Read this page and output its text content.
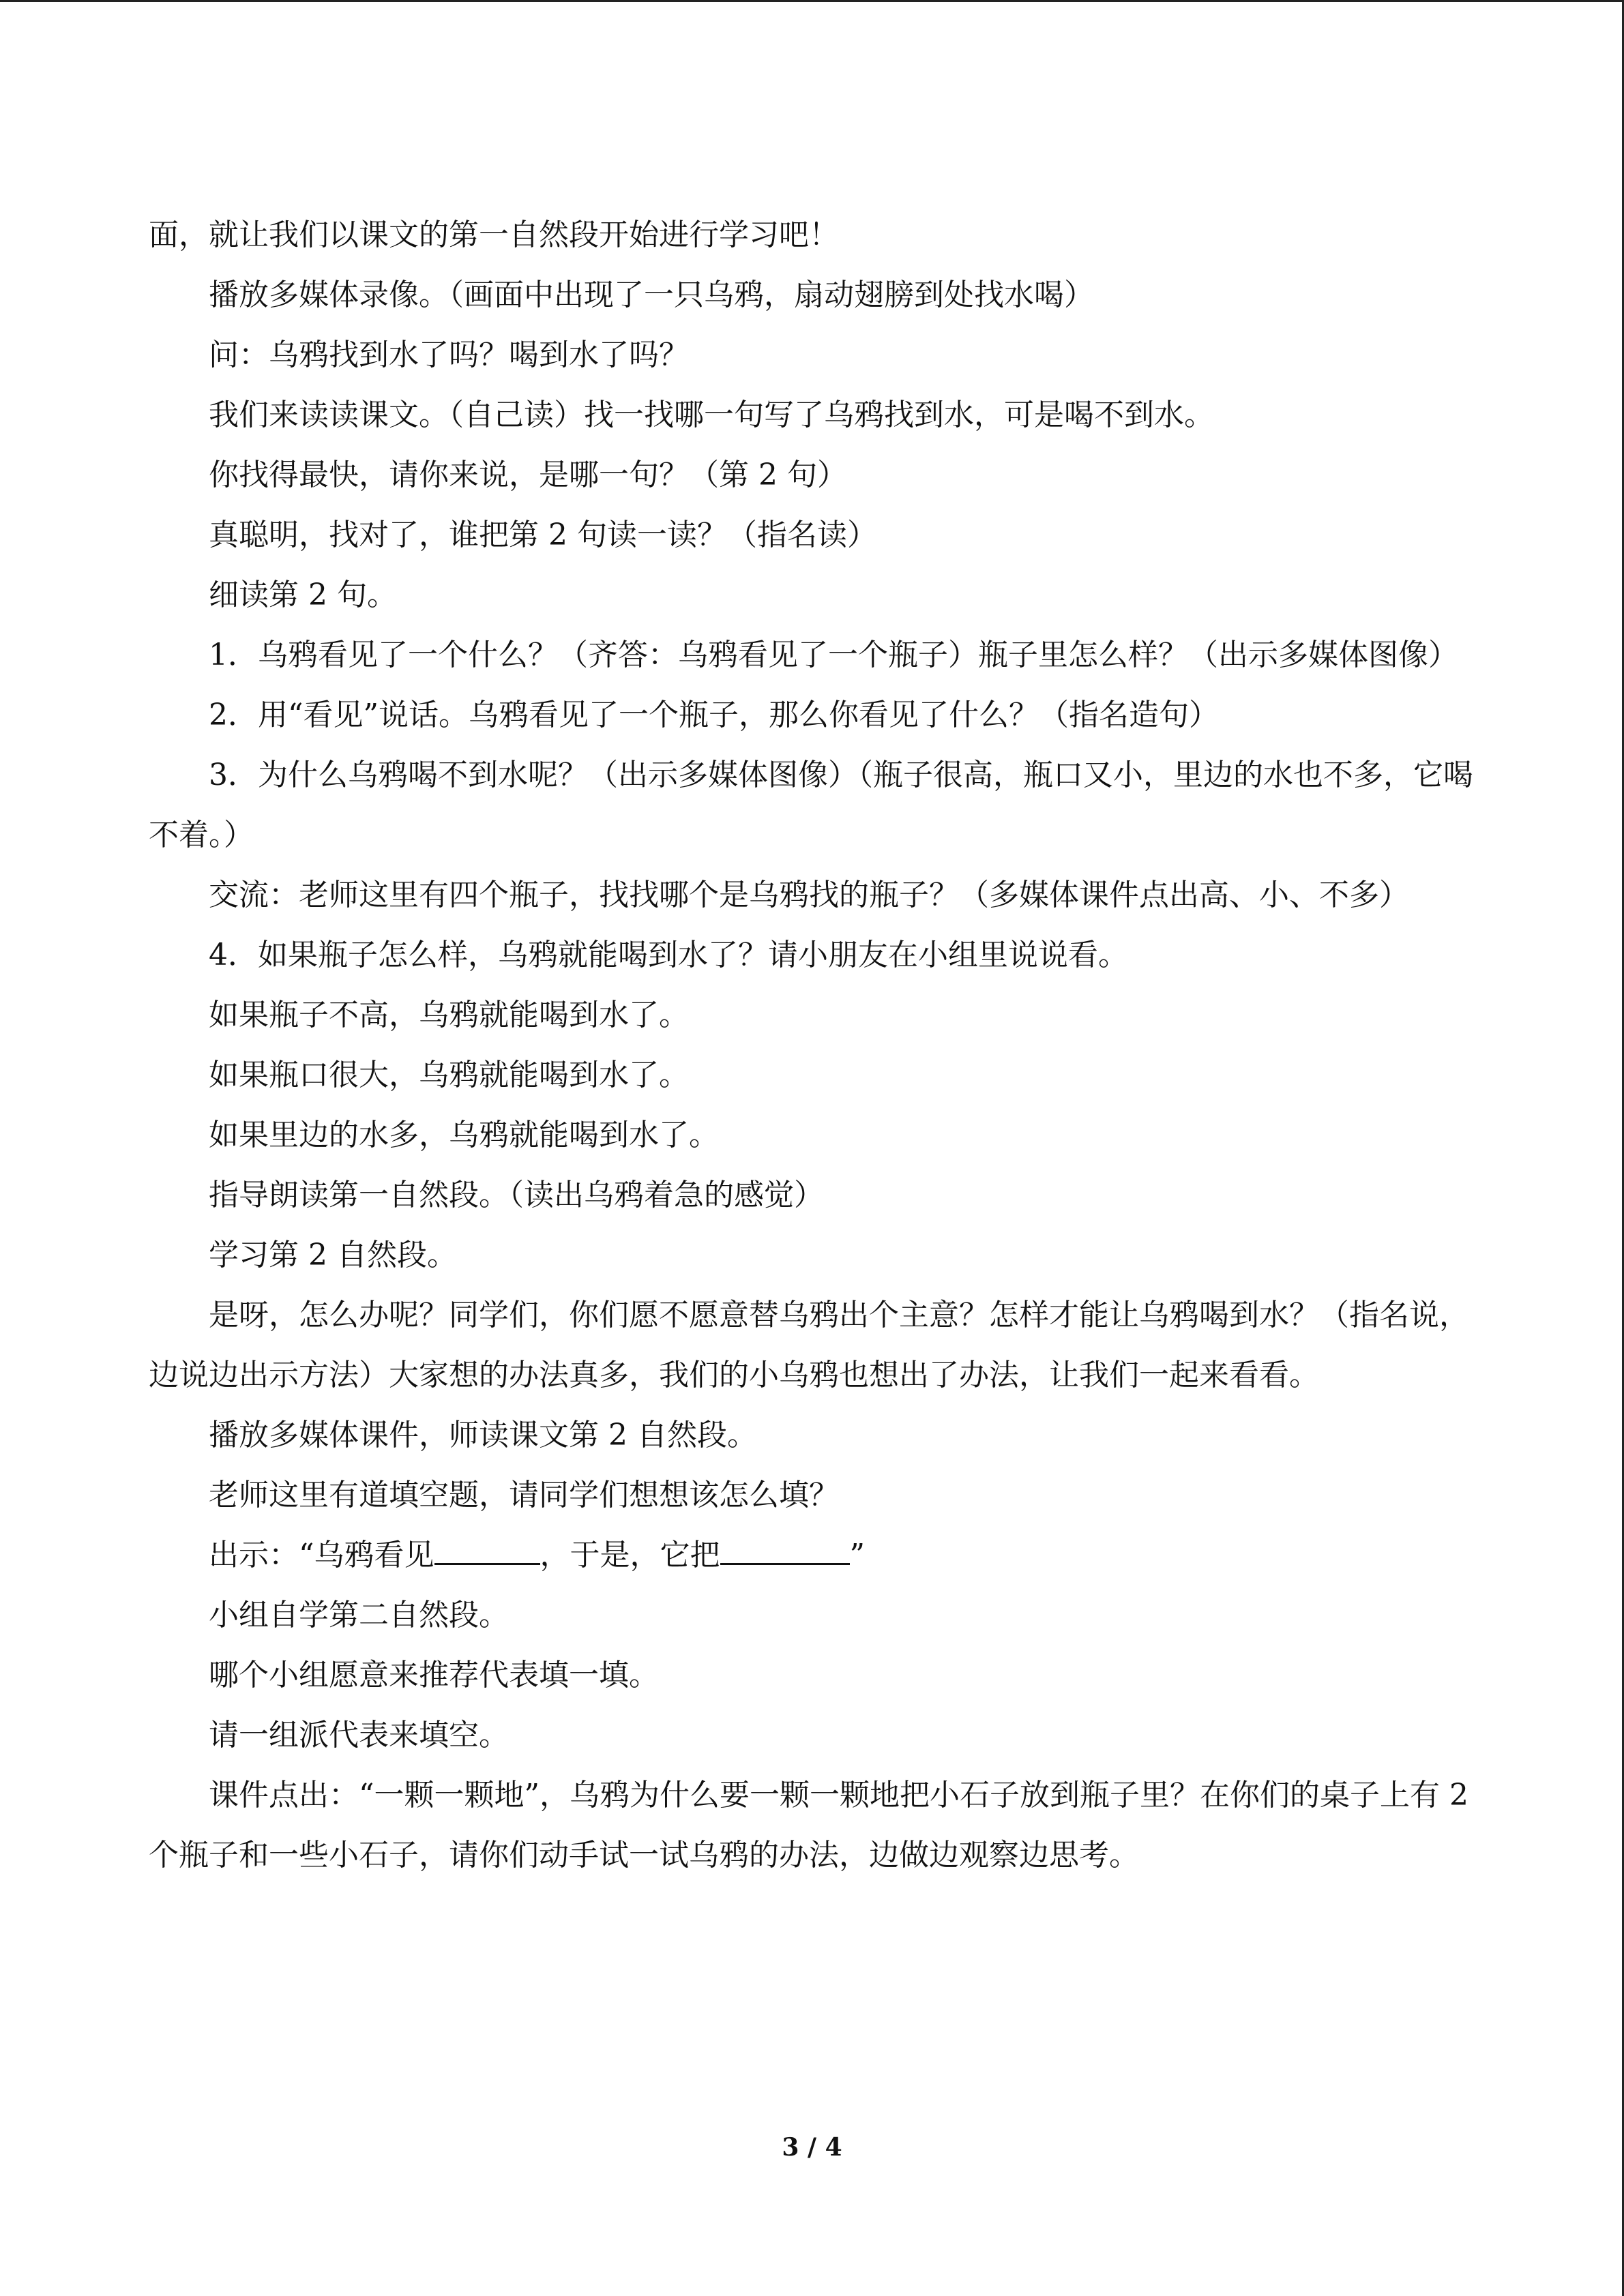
面，就让我们以课文的第一自然段开始进行学习吧！

播放多媒体录像。（画面中出现了一只乌鸦，扇动翅膀到处找水喝）

问：乌鸦找到水了吗？喝到水了吗？

我们来读读课文。（自己读）找一找哪一句写了乌鸦找到水，可是喝不到水。

你找得最快，请你来说，是哪一句？（第 2 句）

真聪明，找对了，谁把第 2 句读一读？（指名读）

细读第 2 句。

1．乌鸦看见了一个什么？（齐答：乌鸦看见了一个瓶子）瓶子里怎么样？（出示多媒体图像）

2．用“看见”说话。乌鸦看见了一个瓶子，那么你看见了什么？（指名造句）

3．为什么乌鸦喝不到水呢？（出示多媒体图像）（瓶子很高，瓶口又小，里边的水也不多，它喝不着。）

交流：老师这里有四个瓶子，找找哪个是乌鸦找的瓶子？（多媒体课件点出高、小、不多）

4．如果瓶子怎么样，乌鸦就能喝到水了？请小朋友在小组里说说看。

如果瓶子不高，乌鸦就能喝到水了。

如果瓶口很大，乌鸦就能喝到水了。

如果里边的水多，乌鸦就能喝到水了。

指导朗读第一自然段。（读出乌鸦着急的感觉）

学习第 2 自然段。

是呀，怎么办呢？同学们，你们愿不愿意替乌鸦出个主意？怎样才能让乌鸦喝到水？（指名说，边说边出示方法）大家想的办法真多，我们的小乌鸦也想出了办法，让我们一起来看看。

播放多媒体课件，师读课文第 2 自然段。

老师这里有道填空题，请同学们想想该怎么填？

出示：“乌鸦看见	，于是，它把	”

小组自学第二自然段。

哪个小组愿意来推荐代表填一填。

请一组派代表来填空。

课件点出：“一颗一颗地”，乌鸦为什么要一颗一颗地把小石子放到瓶子里？在你们的桌子上有 2 个瓶子和一些小石子，请你们动手试一试乌鸦的办法，边做边观察边思考。

3 / 4
